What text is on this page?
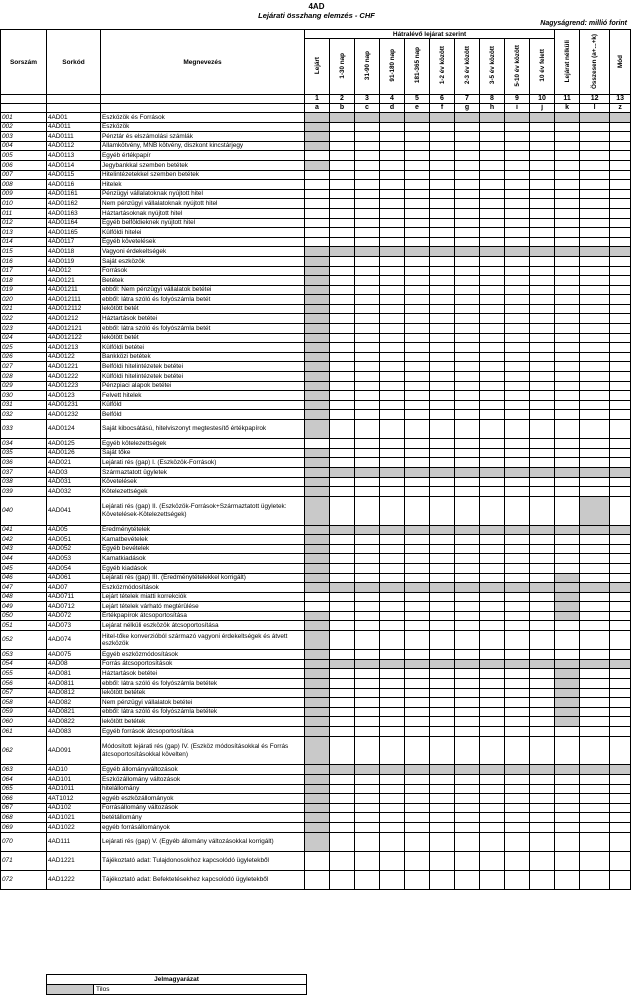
4AD
Lejárati összhang elemzés - CHF
Nagyságrend: millió forint
Sorszám	Sorkód	Megnevezés	Hátralévő lejárat szerint										Lejárat nélküli	Összesen (a+...+k)	Mód
			Lejárt	1-30 nap	31-90 nap	91-180 nap	181-365 nap	1-2 év között	2-3 év között	3-5 év között	5-10 év között	10 év felett			
			1	2	3	4	5	6	7	8	9	10	11	12	13
			a	b	c	d	e	f	g	h	i	j	k	l	z
001	4AD01	Eszközök és Források													
002	4AD011	Eszközök													
003	4AD0111	Pénztár és elszámolási számlák													
004	4AD0112	Államkötvény, MNB kötvény, diszkont kincstárjegy													
005	4AD0113	Egyéb értékpapír													
006	4AD0114	Jegybankkal szemben betétek													
007	4AD0115	Hitelintézetekkel szemben betétek													
008	4AD0116	Hitelek													
009	4AD01161	Pénzügyi vállalatoknak nyújtott hitel													
010	4AD01162	Nem pénzügyi vállalatoknak nyújtott hitel													
011	4AD01163	Háztartásoknak nyújtott hitel													
012	4AD01164	Egyéb belföldieknek nyújtott hitel													
013	4AD01165	Külföldi hitelei													
014	4AD0117	Egyéb követelések													
015	4AD0118	Vagyoni érdekeltségek													
016	4AD0119	Saját eszközök													
017	4AD012	Források													
018	4AD0121	Betétek													
019	4AD01211	ebből: Nem pénzügyi vállalatok betétei													
020	4AD012111	ebből: látra szóló és folyószámla betét													
021	4AD012112	lekötött betét													
022	4AD01212	Háztartások betétei													
023	4AD012121	ebből: látra szóló és folyószámla betét													
024	4AD012122	lekötött betét													
025	4AD01213	Külföldi betétei													
026	4AD0122	Bankközi betétek													
027	4AD01221	Belföldi hitelintézetek betétei													
028	4AD01222	Külföldi hitelintézetek betétei													
029	4AD01223	Pénzpiaci alapok betétei													
030	4AD0123	Felvett hitelek													
031	4AD01231	Külföld													
032	4AD01232	Belföld													
033	4AD0124	Saját kibocsátású, hitelviszonyt megtestesítő értékpapírok													
034	4AD0125	Egyéb kötelezettségek													
035	4AD0126	Saját tőke													
036	4AD021	Lejárati rés (gap) I. (Eszközök-Források)													
037	4AD03	Származtatott ügyletek													
038	4AD031	Követelések													
039	4AD032	Kötelezettségek													
040	4AD041	Lejárati rés (gap) II. (Eszközök-Források+Származtatott ügyletek: Követelések-Kötelezettségek)													
041	4AD05	Eredménytételek													
042	4AD051	Kamatbevételek													
043	4AD052	Egyéb bevételek													
044	4AD053	Kamatkiadások													
045	4AD054	Egyéb kiadások													
046	4AD061	Lejárati rés (gap) III. (Eredménytételekkel korrigált)													
047	4AD07	Eszközmódosítások													
048	4AD0711	Lejárt tételek miatti korrekciók													
049	4AD0712	Lejárt tételek várható megtérülése													
050	4AD072	Értékpapírok átcsoportosítása													
051	4AD073	Lejárat nélküli eszközök átcsoportosítása													
052	4AD074	Hitel-tőke konverzióból származó vagyoni érdekeltségek és átvett eszközök													
053	4AD075	Egyéb eszközmódosítások													
054	4AD08	Forrás átcsoportosítások													
055	4AD081	Háztartások betétei													
056	4AD0811	ebből: látra szóló és folyószámla betétek													
057	4AD0812	lekötött betétek													
058	4AD082	Nem pénzügyi vállalatok betétei													
059	4AD0821	ebből: látra szóló és folyószámla betétek													
060	4AD0822	lekötött betétek													
061	4AD083	Egyéb források átcsoportosítása													
062	4AD091	Módosított lejárati rés (gap) IV. (Eszköz módosításokkal és Forrás átcsoportosításokkal kövelten)													
063	4AD10	Egyéb állományváltozások													
064	4AD101	Eszközállomány változások													
065	4AD1011	hitelállomány													
066	4AT1012	egyéb eszközállományok													
067	4AD102	Forrásállomány változások													
068	4AD1021	betétállomány													
069	4AD1022	egyéb forrásállományok													
070	4AD111	Lejárati rés (gap) V. (Egyéb állomány változásokkal korrigált)													
071	4AD1221	Tájékoztató adat: Tulajdonosokhoz kapcsolódó ügyletekből													
072	4AD1222	Tájékoztató adat: Befektetésekhez kapcsolódó ügyletekből													
Jelmagyarázat
	Tilos
